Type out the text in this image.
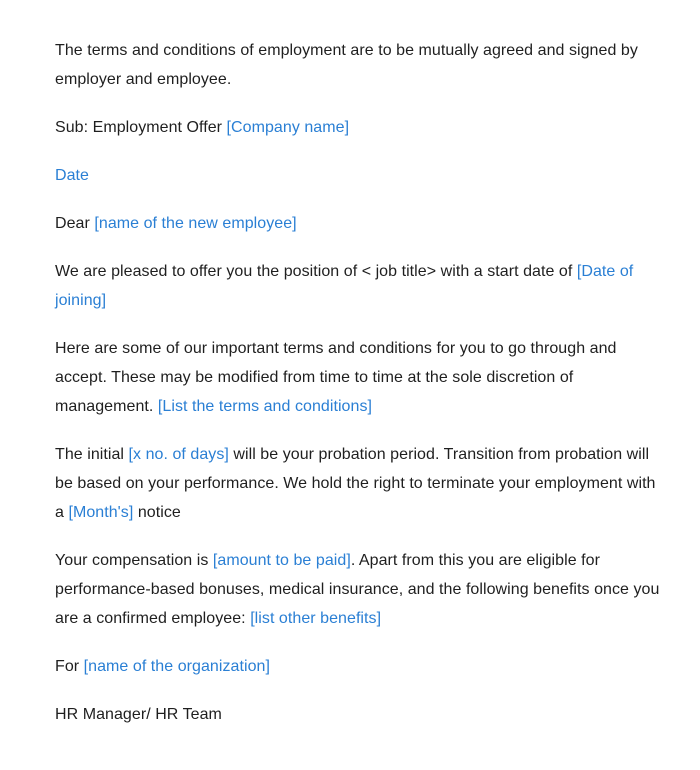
The terms and conditions of employment are to be mutually agreed and signed by employer and employee.

Sub: Employment Offer [Company name]

Date

Dear [name of the new employee]

We are pleased to offer you the position of < job title> with a start date of [Date of joining]

Here are some of our important terms and conditions for you to go through and accept. These may be modified from time to time at the sole discretion of management. [List the terms and conditions]

The initial [x no. of days] will be your probation period. Transition from probation will be based on your performance. We hold the right to terminate your employment with a [Month's] notice

Your compensation is [amount to be paid]. Apart from this you are eligible for performance-based bonuses, medical insurance, and the following benefits once you are a confirmed employee: [list other benefits]

For [name of the organization]

HR Manager/ HR Team
